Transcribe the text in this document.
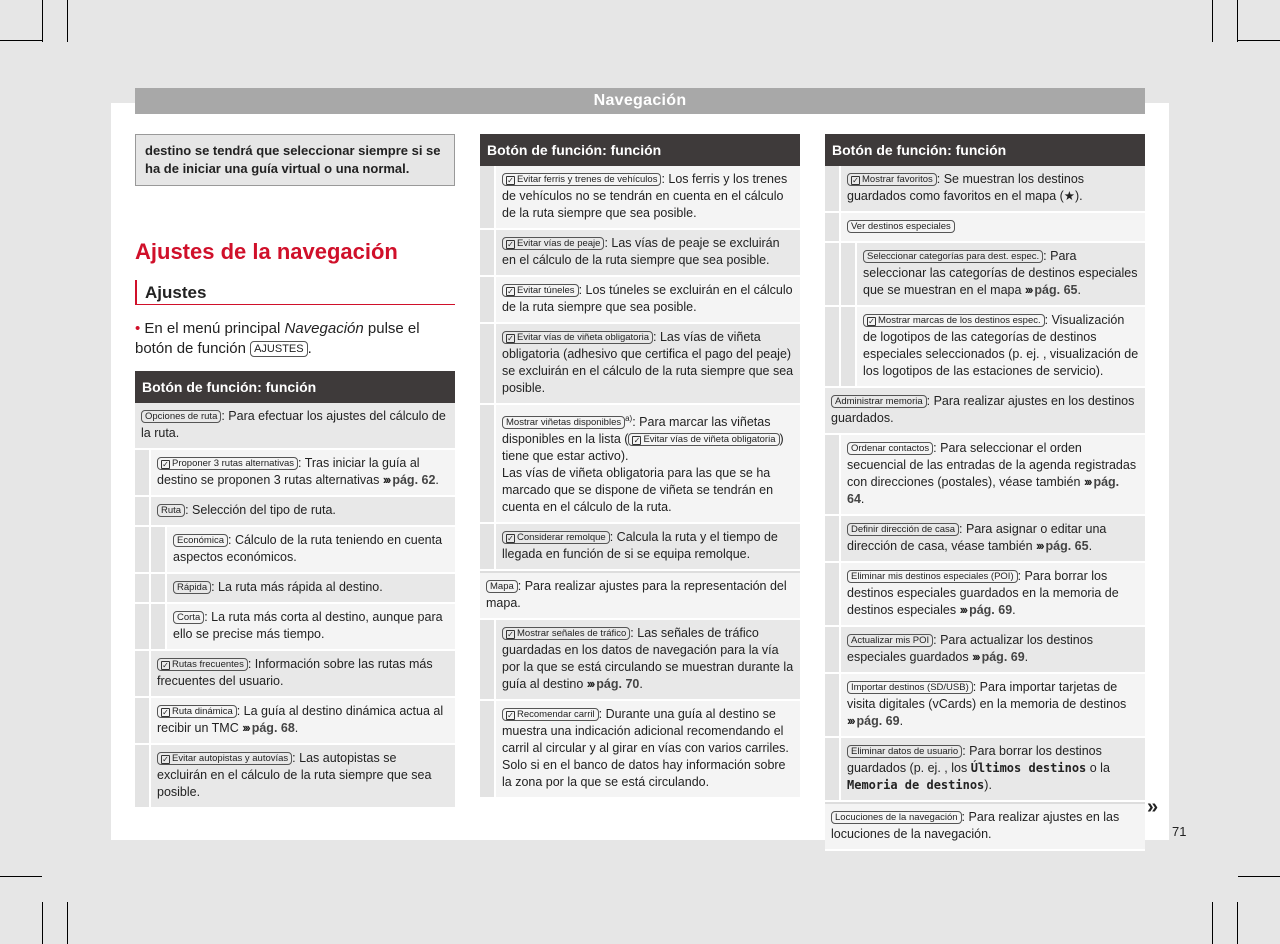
Navegación
destino se tendrá que seleccionar siempre si se ha de iniciar una guía virtual o una normal.
Ajustes de la navegación
Ajustes
• En el menú principal Navegación pulse el botón de función AJUSTES .
Botón de función: función
Opciones de ruta : Para efectuar los ajustes del cálculo de la ruta.
✓ Proponer 3 rutas alternativas : Tras iniciar la guía al destino se proponen 3 rutas alternativas ››› pág. 62.
Ruta : Selección del tipo de ruta.
Económica : Cálculo de la ruta teniendo en cuenta aspectos económicos.
Rápida : La ruta más rápida al destino.
Corta : La ruta más corta al destino, aunque para ello se precise más tiempo.
✓ Rutas frecuentes : Información sobre las rutas más frecuentes del usuario.
✓ Ruta dinámica : La guía al destino dinámica actua al recibir un TMC ››› pág. 68.
✓ Evitar autopistas y autovías : Las autopistas se excluirán en el cálculo de la ruta siempre que sea posible.
Botón de función: función
✓ Evitar ferris y trenes de vehículos : Los ferris y los trenes de vehículos no se tendrán en cuenta en el cálculo de la ruta siempre que sea posible.
✓ Evitar vías de peaje : Las vías de peaje se excluirán en el cálculo de la ruta siempre que sea posible.
✓ Evitar túneles : Los túneles se excluirán en el cálculo de la ruta siempre que sea posible.
✓ Evitar vías de viñeta obligatoria : Las vías de viñeta obligatoria (adhesivo que certifica el pago del peaje) se excluirán en el cálculo de la ruta siempre que sea posible.
Mostrar viñetas disponibles $^{a)}$: Para marcar las viñetas disponibles en la lista ( ✓ Evitar vías de viñeta obligatoria ) tiene que estar activo).
Las vías de viñeta obligatoria para las que se ha marcado que se dispone de viñeta se tendrán en cuenta en el cálculo de la ruta.
✓ Considerar remolque : Calcula la ruta y el tiempo de llegada en función de si se equipa remolque.
Mapa : Para realizar ajustes para la representación del mapa.
✓ Mostrar señales de tráfico : Las señales de tráfico guardadas en los datos de navegación para la vía por la que se está circulando se muestran durante la guía al destino ››› pág. 70.
✓ Recomendar carril : Durante una guía al destino se muestra una indicación adicional recomendando el carril al circular y al girar en vías con varios carriles. Solo si en el banco de datos hay información sobre la zona por la que se está circulando.
Botón de función: función
✓ Mostrar favoritos : Se muestran los destinos guardados como favoritos en el mapa (★).
Ver destinos especiales
Seleccionar categorías para dest. espec. : Para seleccionar las categorías de destinos especiales que se muestran en el mapa ››› pág. 65.
✓ Mostrar marcas de los destinos espec. : Visualización de logotipos de las categorías de destinos especiales seleccionados (p. ej. , visualización de los logotipos de las estaciones de servicio).
Administrar memoria : Para realizar ajustes en los destinos guardados.
Ordenar contactos : Para seleccionar el orden secuencial de las entradas de la agenda registradas con direcciones (postales), véase también ››› pág. 64.
Definir dirección de casa : Para asignar o editar una dirección de casa, véase también ››› pág. 65.
Eliminar mis destinos especiales (POI) : Para borrar los destinos especiales guardados en la memoria de destinos especiales ››› pág. 69.
Actualizar mis POI : Para actualizar los destinos especiales guardados ››› pág. 69.
Importar destinos (SD/USB) : Para importar tarjetas de visita digitales (vCards) en la memoria de destinos ››› pág. 69.
Eliminar datos de usuario : Para borrar los destinos guardados (p. ej. , los Últimos destinos o la Memoria de destinos).
Locuciones de la navegación : Para realizar ajustes en las locuciones de la navegación.
»
71
